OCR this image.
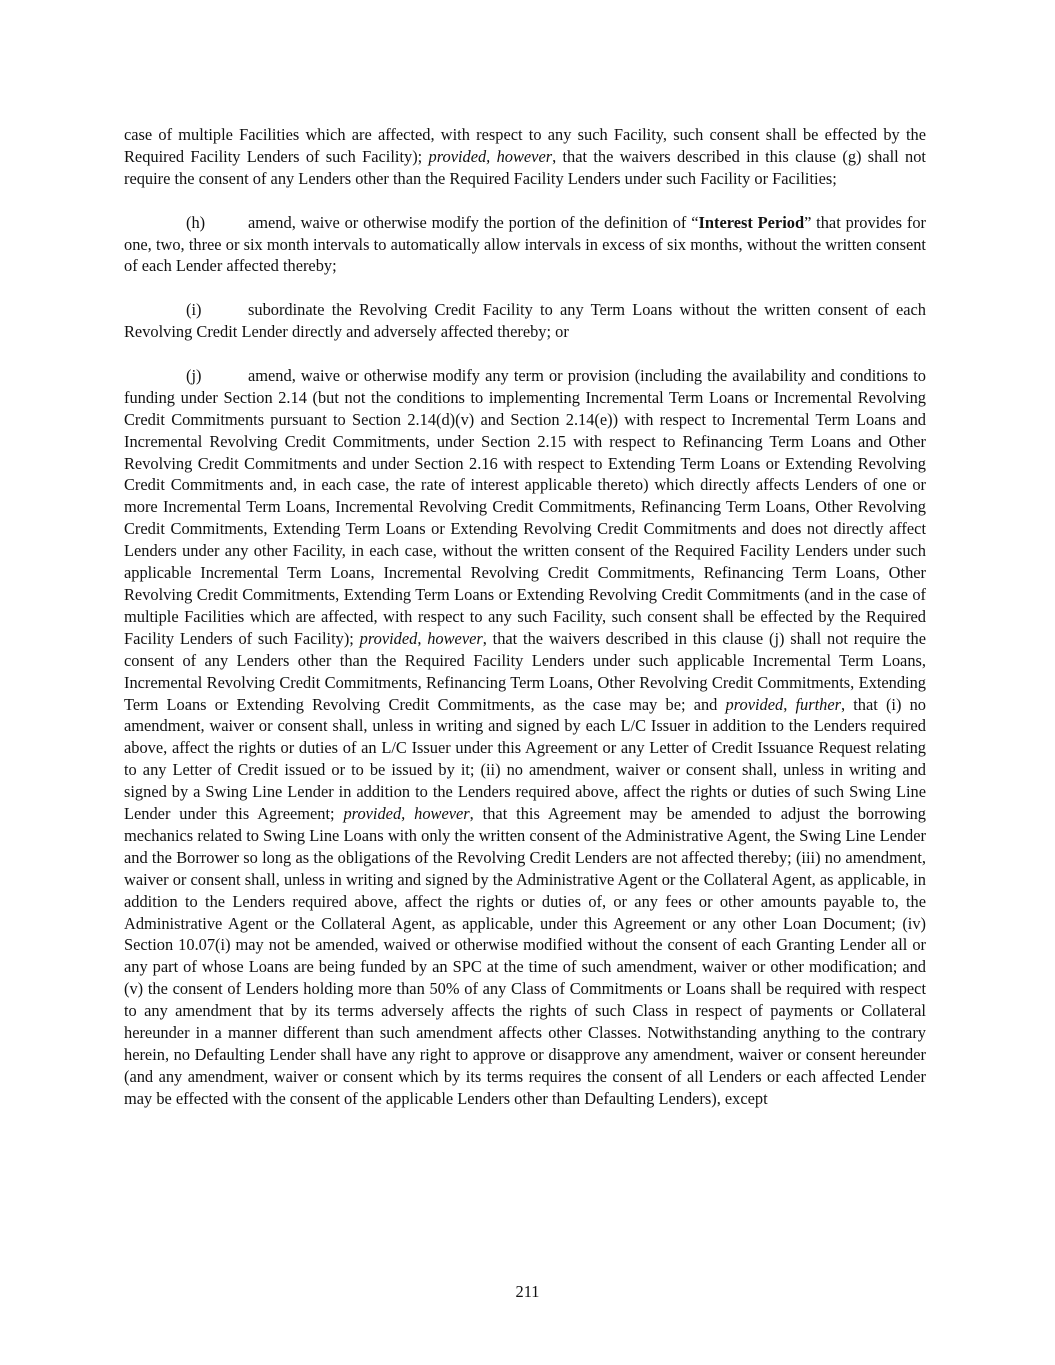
case of multiple Facilities which are affected, with respect to any such Facility, such consent shall be effected by the Required Facility Lenders of such Facility); provided, however, that the waivers described in this clause (g) shall not require the consent of any Lenders other than the Required Facility Lenders under such Facility or Facilities;

(h)	amend, waive or otherwise modify the portion of the definition of “Interest Period” that provides for one, two, three or six month intervals to automatically allow intervals in excess of six months, without the written consent of each Lender affected thereby;

(i)	subordinate the Revolving Credit Facility to any Term Loans without the written consent of each Revolving Credit Lender directly and adversely affected thereby; or

(j)	amend, waive or otherwise modify any term or provision (including the availability and conditions to funding under Section 2.14 (but not the conditions to implementing Incremental Term Loans or Incremental Revolving Credit Commitments pursuant to Section 2.14(d)(v) and Section 2.14(e)) with respect to Incremental Term Loans and Incremental Revolving Credit Commitments, under Section 2.15 with respect to Refinancing Term Loans and Other Revolving Credit Commitments and under Section 2.16 with respect to Extending Term Loans or Extending Revolving Credit Commitments and, in each case, the rate of interest applicable thereto) which directly affects Lenders of one or more Incremental Term Loans, Incremental Revolving Credit Commitments, Refinancing Term Loans, Other Revolving Credit Commitments, Extending Term Loans or Extending Revolving Credit Commitments and does not directly affect Lenders under any other Facility, in each case, without the written consent of the Required Facility Lenders under such applicable Incremental Term Loans, Incremental Revolving Credit Commitments, Refinancing Term Loans, Other Revolving Credit Commitments, Extending Term Loans or Extending Revolving Credit Commitments (and in the case of multiple Facilities which are affected, with respect to any such Facility, such consent shall be effected by the Required Facility Lenders of such Facility); provided, however, that the waivers described in this clause (j) shall not require the consent of any Lenders other than the Required Facility Lenders under such applicable Incremental Term Loans, Incremental Revolving Credit Commitments, Refinancing Term Loans, Other Revolving Credit Commitments, Extending Term Loans or Extending Revolving Credit Commitments, as the case may be; and provided, further, that (i) no amendment, waiver or consent shall, unless in writing and signed by each L/C Issuer in addition to the Lenders required above, affect the rights or duties of an L/C Issuer under this Agreement or any Letter of Credit Issuance Request relating to any Letter of Credit issued or to be issued by it; (ii) no amendment, waiver or consent shall, unless in writing and signed by a Swing Line Lender in addition to the Lenders required above, affect the rights or duties of such Swing Line Lender under this Agreement; provided, however, that this Agreement may be amended to adjust the borrowing mechanics related to Swing Line Loans with only the written consent of the Administrative Agent, the Swing Line Lender and the Borrower so long as the obligations of the Revolving Credit Lenders are not affected thereby; (iii) no amendment, waiver or consent shall, unless in writing and signed by the Administrative Agent or the Collateral Agent, as applicable, in addition to the Lenders required above, affect the rights or duties of, or any fees or other amounts payable to, the Administrative Agent or the Collateral Agent, as applicable, under this Agreement or any other Loan Document; (iv) Section 10.07(i) may not be amended, waived or otherwise modified without the consent of each Granting Lender all or any part of whose Loans are being funded by an SPC at the time of such amendment, waiver or other modification; and (v) the consent of Lenders holding more than 50% of any Class of Commitments or Loans shall be required with respect to any amendment that by its terms adversely affects the rights of such Class in respect of payments or Collateral hereunder in a manner different than such amendment affects other Classes. Notwithstanding anything to the contrary herein, no Defaulting Lender shall have any right to approve or disapprove any amendment, waiver or consent hereunder (and any amendment, waiver or consent which by its terms requires the consent of all Lenders or each affected Lender may be effected with the consent of the applicable Lenders other than Defaulting Lenders), except

211
